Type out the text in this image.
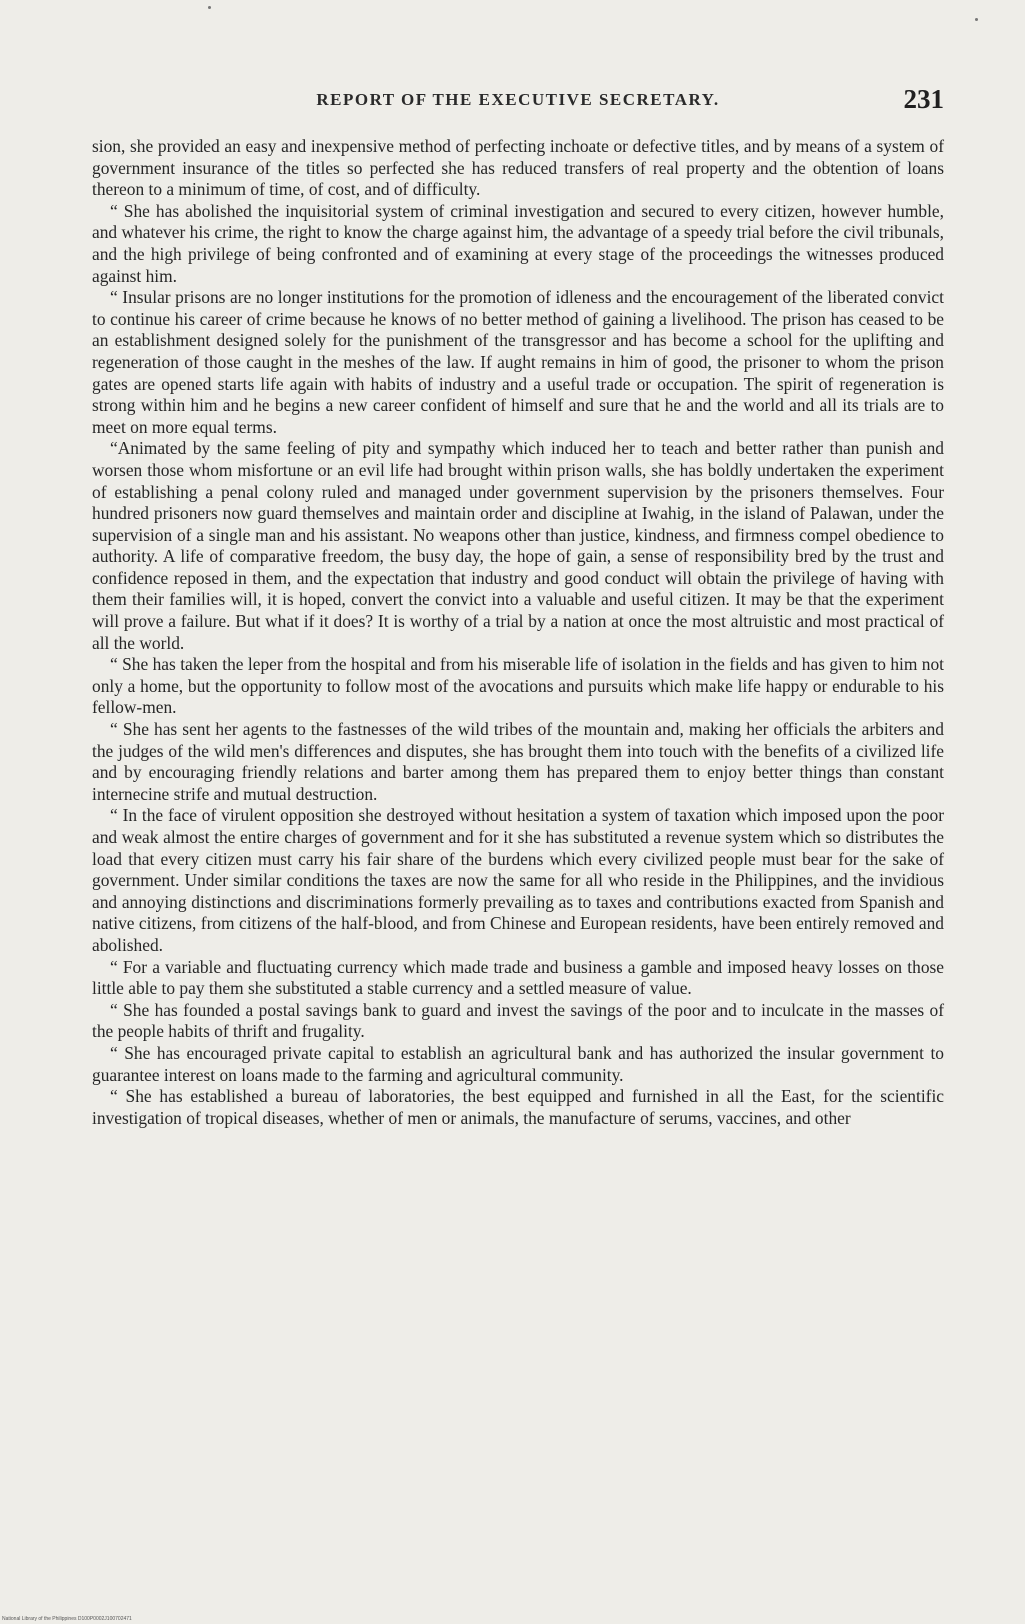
REPORT OF THE EXECUTIVE SECRETARY.	231

sion, she provided an easy and inexpensive method of perfecting inchoate or defective titles, and by means of a system of government insurance of the titles so perfected she has reduced transfers of real property and the obtention of loans thereon to a minimum of time, of cost, and of difficulty.

“ She has abolished the inquisitorial system of criminal investigation and secured to every citizen, however humble, and whatever his crime, the right to know the charge against him, the advantage of a speedy trial before the civil tribunals, and the high privilege of being confronted and of examining at every stage of the proceedings the witnesses produced against him.

“ Insular prisons are no longer institutions for the promotion of idleness and the encouragement of the liberated convict to continue his career of crime because he knows of no better method of gaining a livelihood. The prison has ceased to be an establishment designed solely for the punishment of the transgressor and has become a school for the uplifting and regeneration of those caught in the meshes of the law. If aught remains in him of good, the prisoner to whom the prison gates are opened starts life again with habits of industry and a useful trade or occupation. The spirit of regeneration is strong within him and he begins a new career confident of himself and sure that he and the world and all its trials are to meet on more equal terms.

“Animated by the same feeling of pity and sympathy which induced her to teach and better rather than punish and worsen those whom misfortune or an evil life had brought within prison walls, she has boldly undertaken the experiment of establishing a penal colony ruled and managed under government supervision by the prisoners themselves. Four hundred prisoners now guard themselves and maintain order and discipline at Iwahig, in the island of Palawan, under the supervision of a single man and his assistant. No weapons other than justice, kindness, and firmness compel obedience to authority. A life of comparative freedom, the busy day, the hope of gain, a sense of responsibility bred by the trust and confidence reposed in them, and the expectation that industry and good conduct will obtain the privilege of having with them their families will, it is hoped, convert the convict into a valuable and useful citizen. It may be that the experiment will prove a failure. But what if it does? It is worthy of a trial by a nation at once the most altruistic and most practical of all the world.

“ She has taken the leper from the hospital and from his miserable life of isolation in the fields and has given to him not only a home, but the opportunity to follow most of the avocations and pursuits which make life happy or endurable to his fellow-men.

“ She has sent her agents to the fastnesses of the wild tribes of the mountain and, making her officials the arbiters and the judges of the wild men's differences and disputes, she has brought them into touch with the benefits of a civilized life and by encouraging friendly relations and barter among them has prepared them to enjoy better things than constant internecine strife and mutual destruction.

“ In the face of virulent opposition she destroyed without hesitation a system of taxation which imposed upon the poor and weak almost the entire charges of government and for it she has substituted a revenue system which so distributes the load that every citizen must carry his fair share of the burdens which every civilized people must bear for the sake of government. Under similar conditions the taxes are now the same for all who reside in the Philippines, and the invidious and annoying distinctions and discriminations formerly prevailing as to taxes and contributions exacted from Spanish and native citizens, from citizens of the half-blood, and from Chinese and European residents, have been entirely removed and abolished.

“ For a variable and fluctuating currency which made trade and business a gamble and imposed heavy losses on those little able to pay them she substituted a stable currency and a settled measure of value.

“ She has founded a postal savings bank to guard and invest the savings of the poor and to inculcate in the masses of the people habits of thrift and frugality.

“ She has encouraged private capital to establish an agricultural bank and has authorized the insular government to guarantee interest on loans made to the farming and agricultural community.

“ She has established a bureau of laboratories, the best equipped and furnished in all the East, for the scientific investigation of tropical diseases, whether of men or animals, the manufacture of serums, vaccines, and other

National Library of the Philippines D100P0002J100702471
